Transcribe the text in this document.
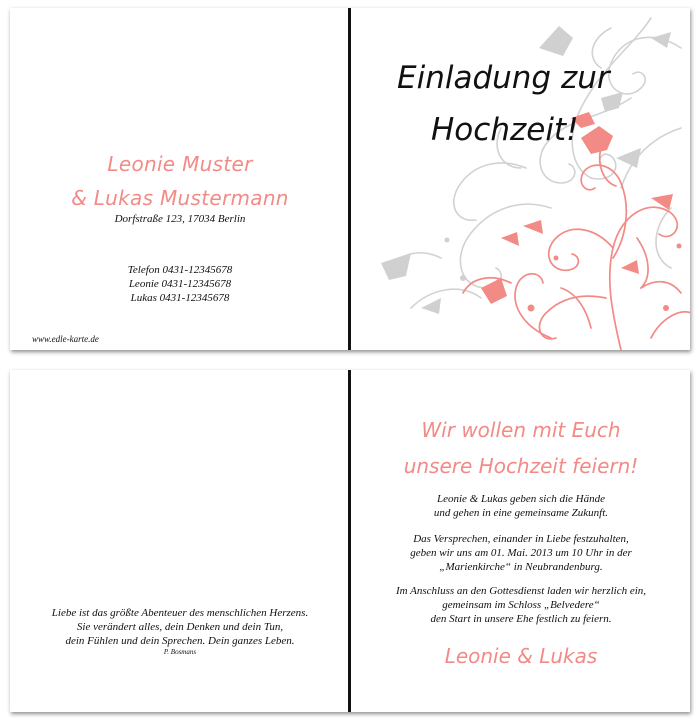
Leonie Muster
& Lukas Mustermann
Dorfstraße 123, 17034 Berlin
Telefon 0431-12345678
Leonie 0431-12345678
Lukas 0431-12345678
www.edle-karte.de
Einladung zur
Hochzeit!
Liebe ist das größte Abenteuer des menschlichen Herzens.
Sie verändert alles, dein Denken und dein Tun,
dein Fühlen und dein Sprechen. Dein ganzes Leben.
P. Bosmans
Wir wollen mit Euch
unsere Hochzeit feiern!
Leonie & Lukas geben sich die Hände
und gehen in eine gemeinsame Zukunft.
Das Versprechen, einander in Liebe festzuhalten,
geben wir uns am 01. Mai. 2013 um 10 Uhr in der
„Marienkirche“ in Neubrandenburg.
Im Anschluss an den Gottesdienst laden wir herzlich ein,
gemeinsam im Schloss „Belvedere“
den Start in unsere Ehe festlich zu feiern.
Leonie & Lukas
